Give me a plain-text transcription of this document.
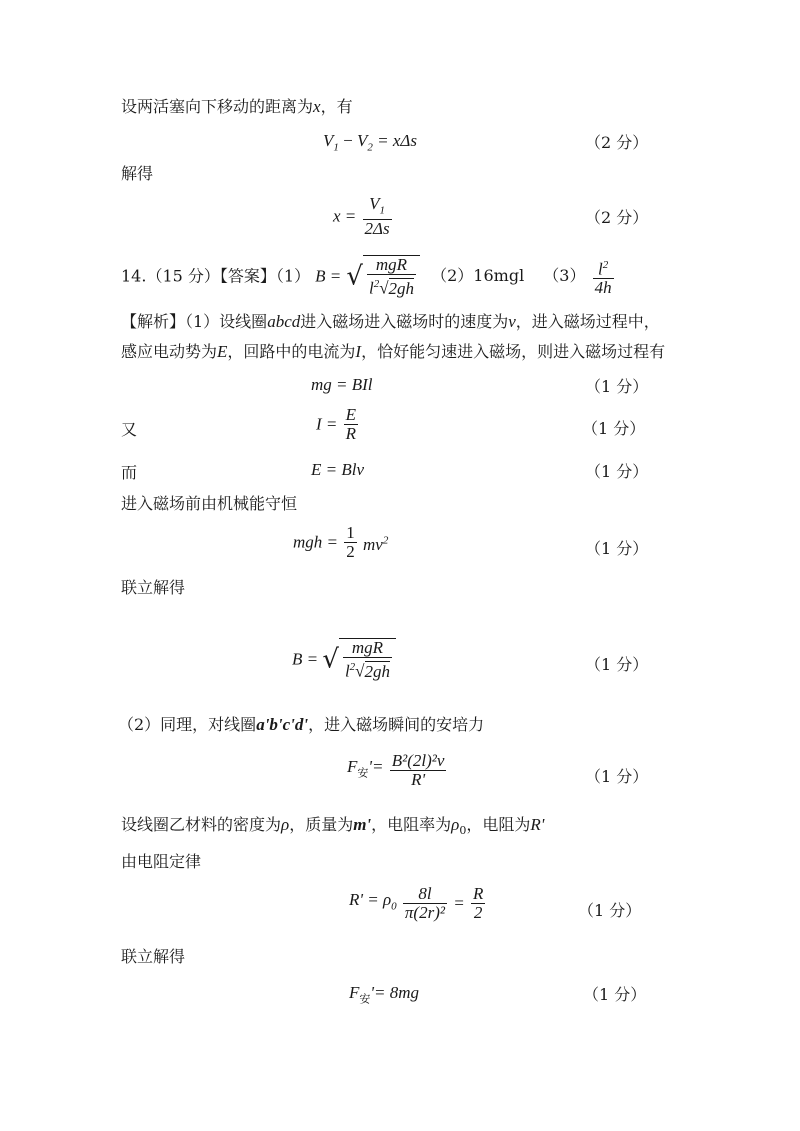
设两活塞向下移动的距离为x，有
$V_1 - V_2 = x\Delta s$	（2 分）
解得
$x = \frac{V_1}{2\Delta s}$	（2 分）
14.（15 分）【答案】（1） B = √ $\frac{\text{mgR}}{l^2√2gh} (2)16mgl$ $(3) \frac{l^2}{4h}$
【解析】（1）设线圈abcd进入磁场进入磁场时的速度为v，进入磁场过程中，
感应电动势为E，回路中的电流为I，恰好能匀速进入磁场，则进入磁场过程有
mg = BIl	（1 分）
又	$I = \frac{E}{R}$	（1 分）
而	E = Blv	（1 分）
进入磁场前由机械能守恒
mgh = $\frac{1}{2} mv^2$	（1 分）
联立解得
B = √ $\frac{\text{mgR}}{l^2√2gh}$	（1 分）
（2）同理，对线圈a'b'c'd'，进入磁场瞬间的安培力
$F_安'= \frac{\text{B²(2l)²v}}{R'}$	（1 分）
设线圈乙材料的密度为ρ，质量为m'，电阻率为$\rho_0$，电阻为R'
由电阻定律
$R' = \rho_0 \frac{8l}{\text{π(2r)²}} = \frac{R}{2}$	（1 分）
联立解得
$F_安'= 8mg$	（1 分）
